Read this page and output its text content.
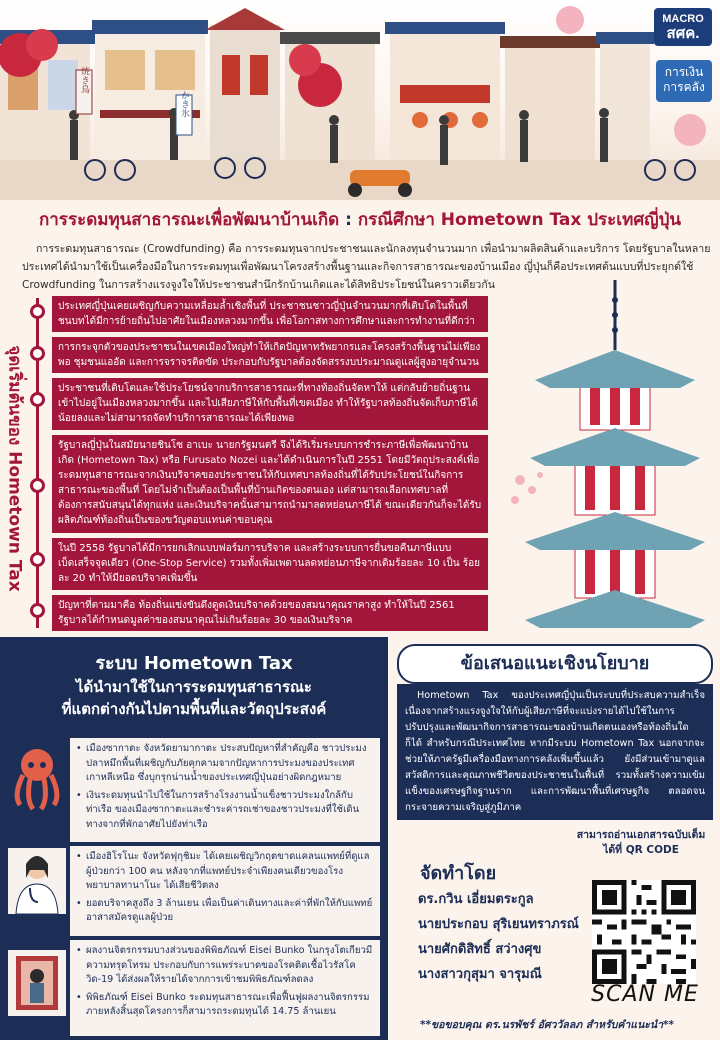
焼き鳥
かき氷
MACRO
สศค.
การเงิน
การคลัง
การระดมทุนสาธารณะเพื่อพัฒนาบ้านเกิด : กรณีศึกษา Hometown Tax ประเทศญี่ปุ่น
การระดมทุนสาธารณะ (Crowdfunding) คือ การระดมทุนจากประชาชนและนักลงทุนจำนวนมาก เพื่อนำมาผลิตสินค้าและบริการ โดยรัฐบาลในหลายประเทศได้นำมาใช้เป็นเครื่องมือในการระดมทุนเพื่อพัฒนาโครงสร้างพื้นฐานและกิจการสาธารณะของบ้านเมือง ญี่ปุ่นก็คือประเทศต้นแบบที่ประยุกต์ใช้ Crowdfunding ในการสร้างแรงจูงใจให้ประชาชนสำนึกรักบ้านเกิดและได้สิทธิประโยชน์ในคราวเดียวกัน
จุดเริ่มต้นของ Hometown Tax
ประเทศญี่ปุ่นเคยเผชิญกับความเหลื่อมล้ำเชิงพื้นที่ ประชาชนชาวญี่ปุ่นจำนวนมากที่เติบโตในพื้นที่ชนบทได้มีการย้ายถิ่นไปอาศัยในเมืองหลวงมากขึ้น เพื่อโอกาสทางการศึกษาและการทำงานที่ดีกว่า
การกระจุกตัวของประชาชนในเขตเมืองใหญ่ทำให้เกิดปัญหาทรัพยากรและโครงสร้างพื้นฐานไม่เพียงพอ ชุมชนแออัด และการจราจรติดขัด ประกอบกับรัฐบาลต้องจัดสรรงบประมาณดูแลผู้สูงอายุจำนวน
ประชาชนที่เติบโตและใช้ประโยชน์จากบริการสาธารณะที่ทางท้องถิ่นจัดหาให้ แต่กลับย้ายถิ่นฐานเข้าไปอยู่ในเมืองหลวงมากขึ้น และไปเสียภาษีให้กับพื้นที่เขตเมือง ทำให้รัฐบาลท้องถิ่นจัดเก็บภาษีได้น้อยลงและไม่สามารถจัดทำบริการสาธารณะได้เพียงพอ
รัฐบาลญี่ปุ่นในสมัยนายชินโซ อาเบะ นายกรัฐมนตรี จึงได้ริเริ่มระบบการชำระภาษีเพื่อพัฒนาบ้านเกิด (Hometown Tax) หรือ Furusato Nozei และได้ดำเนินการในปี 2551 โดยมีวัตถุประสงค์เพื่อระดมทุนสาธารณะจากเงินบริจาคของประชาชนให้กับเทศบาลท้องถิ่นที่ได้รับประโยชน์ในกิจการสาธารณะของพื้นที่ โดยไม่จำเป็นต้องเป็นพื้นที่บ้านเกิดของตนเอง แต่สามารถเลือกเทศบาลที่ต้องการสนับสนุนได้ทุกแห่ง และเงินบริจาคนั้นสามารถนำมาลดหย่อนภาษีได้ ขณะเดียวกันก็จะได้รับผลิตภัณฑ์ท้องถิ่นเป็นของขวัญตอบแทนค่าขอบคุณ
ในปี 2558 รัฐบาลได้มีการยกเลิกแบบฟอร์มการบริจาค และสร้างระบบการยื่นขอคืนภาษีแบบเบ็ดเสร็จจุดเดียว (One-Stop Service) รวมทั้งเพิ่มเพดานลดหย่อนภาษีจากเดิมร้อยละ 10 เป็น ร้อยละ 20 ทำให้มียอดบริจาคเพิ่มขึ้น
ปัญหาที่ตามมาคือ ท้องถิ่นแข่งขันดึงดูดเงินบริจาคด้วยของสมนาคุณราคาสูง ทำให้ในปี 2561 รัฐบาลได้กำหนดมูลค่าของสมนาคุณไม่เกินร้อยละ 30 ของเงินบริจาค
ระบบ Hometown Tax
ได้นำมาใช้ในการระดมทุนสาธารณะ
ที่แตกต่างกันไปตามพื้นที่และวัตถุประสงค์

• เมืองซากาตะ จังหวัดยามากาตะ ประสบปัญหาที่สำคัญคือ ชาวประมงปลาหมึกพื้นที่เผชิญกับภัยคุกคามจากปัญหาการประมงของประเทศเกาหลีเหนือ ซึ่งบุกรุกน่านน้ำของประเทศญี่ปุ่นอย่างผิดกฎหมาย

• เงินระดมทุนนำไปใช้ในการสร้างโรงงานน้ำแข็งชาวประมงใกล้กับท่าเรือ ของเมืองซากาตะและชำระค่ารถเช่าของชาวประมงที่ใช้เดินทางจากที่พักอาศัยไปยังท่าเรือ

• เมืองฮิโรโนะ จังหวัดฟุกุชิมะ ได้เคยเผชิญวิกฤตขาดแคลนแพทย์ที่ดูแลผู้ป่วยกว่า 100 คน หลังจากที่แพทย์ประจำเพียงคนเดียวของโรงพยาบาลทานาโนะ ได้เสียชีวิตลง

• ยอดบริจาคสูงถึง 3 ล้านเยน เพื่อเป็นค่าเดินทางและค่าที่พักให้กับแพทย์อาสาสมัครดูแลผู้ป่วย

• ผลงานจิตรกรรมบางส่วนของพิพิธภัณฑ์ Eisei Bunko ในกรุงโตเกียวมีความทรุดโทรม ประกอบกับการแพร่ระบาดของโรคติดเชื้อไวรัสโควิด-19 ได้ส่งผลให้รายได้จากการเข้าชมพิพิธภัณฑ์ลดลง

• พิพิธภัณฑ์ Eisei Bunko ระดมทุนสาธารณะเพื่อฟื้นฟูผลงานจิตรกรรมภายหลังสิ้นสุดโครงการก็สามารถระดมทุนได้ 14.75 ล้านเยน

ข้อเสนอแนะเชิงนโยบาย
Hometown Tax ของประเทศญี่ปุ่นเป็นระบบที่ประสบความสำเร็จเนื่องจากสร้างแรงจูงใจให้กับผู้เสียภาษีที่จะแบ่งรายได้ไปใช้ในการปรับปรุงและพัฒนากิจการสาธารณะของบ้านเกิดตนเองหรือท้องถิ่นใดก็ได้ สำหรับกรณีประเทศไทย หากมีระบบ Hometown Tax นอกจากจะช่วยให้ภาครัฐมีเครื่องมือทางการคลังเพิ่มขึ้นแล้ว ยังมีส่วนเข้ามาดูแลสวัสดิการและคุณภาพชีวิตของประชาชนในพื้นที่ รวมทั้งสร้างความเข้มแข็งของเศรษฐกิจฐานราก และการพัฒนาพื้นที่เศรษฐกิจ ตลอดจนกระจายความเจริญสู่ภูมิภาค
จัดทำโดย
ดร.กวิน เอี่ยมตระกูล
นายประกอบ สุริเยนทราภรณ์
นายศักดิสิทธิ์ สว่างศุข
นางสาวกุสุมา จารุมณี
สามารถอ่านเอกสารฉบับเต็ม
ได้ที่ QR CODE
SCAN ME
**ขอขอบคุณ ดร.นรพัชร์ อัศววัลลภ สำหรับคำแนะนำ**
